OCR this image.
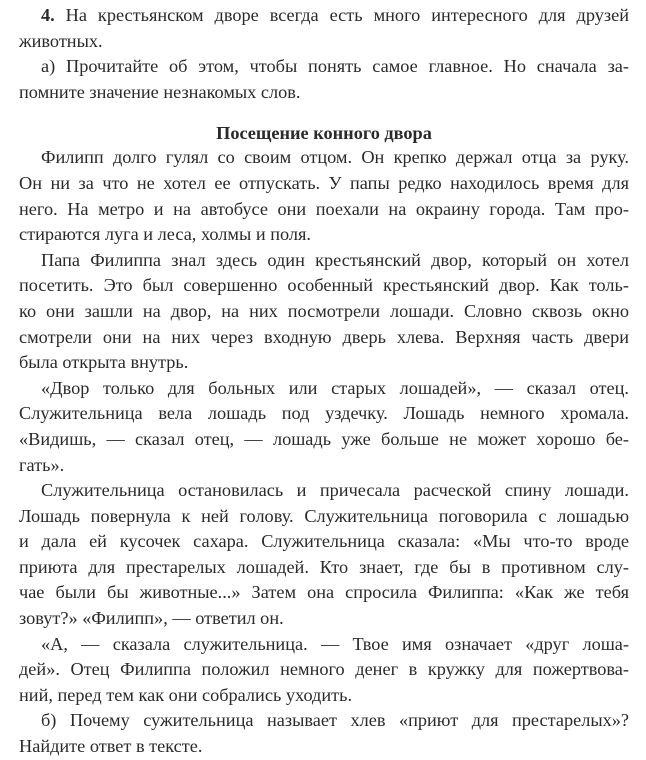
4. На крестьянском дворе всегда есть много интересного для друзей
животных.
а) Прочитайте об этом, чтобы понять самое главное. Но сначала за-
помните значение незнакомых слов.
Посещение конного двора
Филипп долго гулял со своим отцом. Он крепко держал отца за руку.
Он ни за что не хотел ее отпускать. У папы редко находилось время для
него. На метро и на автобусе они поехали на окраину города. Там про-
стираются луга и леса, холмы и поля.
Папа Филиппа знал здесь один крестьянский двор, который он хотел
посетить. Это был совершенно особенный крестьянский двор. Как толь-
ко они зашли на двор, на них посмотрели лошади. Словно сквозь окно
смотрели они на них через входную дверь хлева. Верхняя часть двери
была открыта внутрь.
«Двор только для больных или старых лошадей», — сказал отец.
Служительница вела лошадь под уздечку. Лошадь немного хромала.
«Видишь, — сказал отец, — лошадь уже больше не может хорошо бе-
гать».
Служительница остановилась и причесала расческой спину лошади.
Лошадь повернула к ней голову. Служительница поговорила с лошадью
и дала ей кусочек сахара. Служительница сказала: «Мы что-то вроде
приюта для престарелых лошадей. Кто знает, где бы в противном слу-
чае были бы животные...» Затем она спросила Филиппа: «Как же тебя
зовут?» «Филипп», — ответил он.
«А, — сказала служительница. — Твое имя означает «друг лоша-
дей». Отец Филиппа положил немного денег в кружку для пожертвова-
ний, перед тем как они собрались уходить.
б) Почему сужительница называет хлев «приют для престарелых»?
Найдите ответ в тексте.
